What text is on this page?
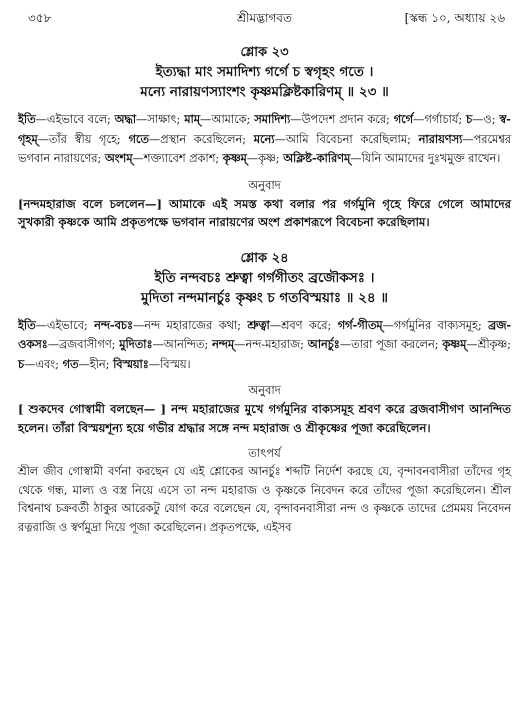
৩৫৮	শ্রীমদ্ভাগবত	[স্কন্ধ ১০, অধ্যায় ২৬
শ্লোক ২৩
ইত্যদ্ধা মাং সমাদিশ্য গর্গে চ স্বগৃহং গতে ।
মন্যে নারায়ণস্যাংশং কৃষ্ণমক্লিষ্টকারিণম্ ॥ ২৩ ॥
ইতি—এইভাবে বলে; অদ্ধা—সাক্ষাৎ; মাম্—আমাকে; সমাদিশ্য—উপদেশ প্রদান করে; গর্গে—গর্গাচার্য; চ—ও; স্ব-গৃহম্—তাঁর স্বীয় গৃহে; গতে—প্রস্থান করেছিলেন; মন্যে—আমি বিবেচনা করেছিলাম; নারায়ণস্য—পরমেশ্বর ভগবান নারায়ণের; অংশম্—শক্ত্যাবেশ প্রকাশ; কৃষ্ণম্—কৃষ্ণ; অক্লিষ্ট-কারিণম্—যিনি আমাদের দুঃখমুক্ত রাখেন।
অনুবাদ
[নন্দমহারাজ বলে চললেন—] আমাকে এই সমস্ত কথা বলার পর গর্গমুনি গৃহে ফিরে গেলে আমাদের সুখকারী কৃষ্ণকে আমি প্রকৃতপক্ষে ভগবান নারায়ণের অংশ প্রকাশরূপে বিবেচনা করেছিলাম।
শ্লোক ২৪
ইতি নন্দবচঃ শ্রুত্বা গর্গগীতং ব্রজৌকসঃ ।
মুদিতা নন্দমানর্চুঃ কৃষ্ণং চ গতবিস্ময়াঃ ॥ ২৪ ॥
ইতি—এইভাবে; নন্দ-বচঃ—নন্দ মহারাজের কথা; শ্রুত্বা—শ্রবণ করে; গর্গ-গীতম্—গর্গমুনির বাক্যসমূহ; ব্রজ-ওকসঃ—ব্রজবাসীগণ; মুদিতাঃ—আনন্দিত; নন্দম্—নন্দ-মহারাজ; আনর্চুঃ—তারা পূজা করলেন; কৃষ্ণম্—শ্রীকৃষ্ণ; চ—এবং; গত—হীন; বিস্ময়াঃ—বিস্ময়।
অনুবাদ
[ শুকদেব গোস্বামী বলছেন— ] নন্দ মহারাজের মুখে গর্গমুনির বাক্যসমূহ শ্রবণ করে ব্রজবাসীগণ আনন্দিত হলেন। তাঁরা বিস্ময়শূন্য হয়ে গভীর শ্রদ্ধার সঙ্গে নন্দ মহারাজ ও শ্রীকৃষ্ণের পূজা করেছিলেন।
তাৎপর্য
শ্রীল জীব গোস্বামী বর্ণনা করছেন যে এই শ্লোকের আনর্চুঃ শব্দটি নির্দেশ করছে যে, বৃন্দাবনবাসীরা তাঁদের গৃহ থেকে গন্ধ, মাল্য ও বস্ত্র নিয়ে এসে তা নন্দ মহারাজ ও কৃষ্ণকে নিবেদন করে তাঁদের পূজা করেছিলেন। শ্রীল বিশ্বনাথ চক্রবর্তী ঠাকুর আরেকটু যোগ করে বলেছেন যে, বৃন্দাবনবাসীরা নন্দ ও কৃষ্ণকে তাদের প্রেমময় নিবেদন রত্নরাজি ও স্বর্ণমুদ্রা দিয়ে পূজা করেছিলেন। প্রকৃতপক্ষে, এইসব
